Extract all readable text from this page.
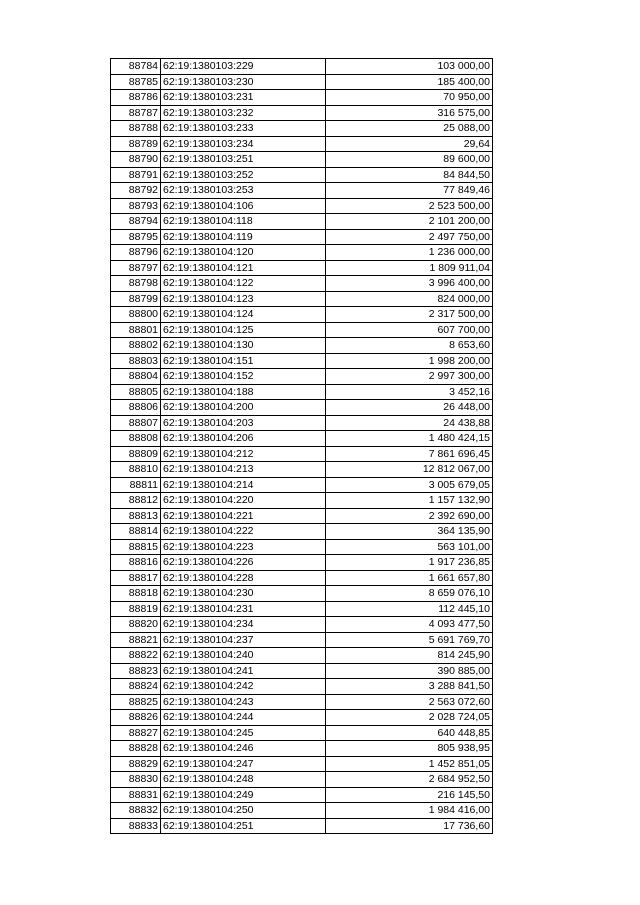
88784	62:19:1380103:229	103 000,00
88785	62:19:1380103:230	185 400,00
88786	62:19:1380103:231	70 950,00
88787	62:19:1380103:232	316 575,00
88788	62:19:1380103:233	25 088,00
88789	62:19:1380103:234	29,64
88790	62:19:1380103:251	89 600,00
88791	62:19:1380103:252	84 844,50
88792	62:19:1380103:253	77 849,46
88793	62:19:1380104:106	2 523 500,00
88794	62:19:1380104:118	2 101 200,00
88795	62:19:1380104:119	2 497 750,00
88796	62:19:1380104:120	1 236 000,00
88797	62:19:1380104:121	1 809 911,04
88798	62:19:1380104:122	3 996 400,00
88799	62:19:1380104:123	824 000,00
88800	62:19:1380104:124	2 317 500,00
88801	62:19:1380104:125	607 700,00
88802	62:19:1380104:130	8 653,60
88803	62:19:1380104:151	1 998 200,00
88804	62:19:1380104:152	2 997 300,00
88805	62:19:1380104:188	3 452,16
88806	62:19:1380104:200	26 448,00
88807	62:19:1380104:203	24 438,88
88808	62:19:1380104:206	1 480 424,15
88809	62:19:1380104:212	7 861 696,45
88810	62:19:1380104:213	12 812 067,00
88811	62:19:1380104:214	3 005 679,05
88812	62:19:1380104:220	1 157 132,90
88813	62:19:1380104:221	2 392 690,00
88814	62:19:1380104:222	364 135,90
88815	62:19:1380104:223	563 101,00
88816	62:19:1380104:226	1 917 236,85
88817	62:19:1380104:228	1 661 657,80
88818	62:19:1380104:230	8 659 076,10
88819	62:19:1380104:231	112 445,10
88820	62:19:1380104:234	4 093 477,50
88821	62:19:1380104:237	5 691 769,70
88822	62:19:1380104:240	814 245,90
88823	62:19:1380104:241	390 885,00
88824	62:19:1380104:242	3 288 841,50
88825	62:19:1380104:243	2 563 072,60
88826	62:19:1380104:244	2 028 724,05
88827	62:19:1380104:245	640 448,85
88828	62:19:1380104:246	805 938,95
88829	62:19:1380104:247	1 452 851,05
88830	62:19:1380104:248	2 684 952,50
88831	62:19:1380104:249	216 145,50
88832	62:19:1380104:250	1 984 416,00
88833	62:19:1380104:251	17 736,60
